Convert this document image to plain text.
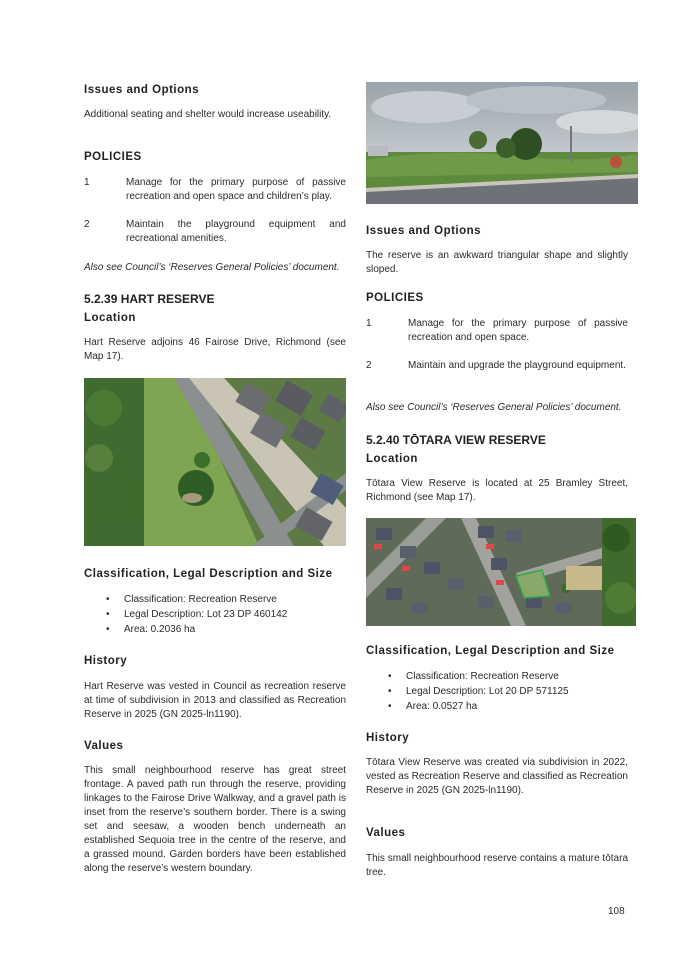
Issues and Options

Additional seating and shelter would increase useability.

POLICIES
1	Manage for the primary purpose of passive recreation and open space and children’s play.
2	Maintain the playground equipment and recreational amenities.

Also see Council’s ‘Reserves General Policies’ document.

5.2.39 HART RESERVE
Location

Hart Reserve adjoins 46 Fairose Drive, Richmond (see Map 17).

Classification, Legal Description and Size
• Classification: Recreation Reserve
• Legal Description: Lot 23 DP 460142
• Area: 0.2036 ha
History

Hart Reserve was vested in Council as recreation reserve at time of subdivision in 2013 and classified as Recreation Reserve in 2025 (GN 2025-ln1190).

Values

This small neighbourhood reserve has great street frontage. A paved path run through the reserve, providing linkages to the Fairose Drive Walkway, and a gravel path is inset from the reserve’s southern border. There is a swing set and seesaw, a wooden bench underneath an established Sequoia tree in the centre of the reserve, and a grassed mound. Garden borders have been established along the reserve’s western boundary.

Issues and Options

The reserve is an awkward triangular shape and slightly sloped.

POLICIES
1	Manage for the primary purpose of passive recreation and open space.
2	Maintain and upgrade the playground equipment.

Also see Council’s ‘Reserves General Policies’ document.

5.2.40 TŌTARA VIEW RESERVE
Location

Tōtara View Reserve is located at 25 Bramley Street, Richmond (see Map 17).

Classification, Legal Description and Size
• Classification: Recreation Reserve
• Legal Description: Lot 20 DP 571125
• Area: 0.0527 ha
History

Tōtara View Reserve was created via subdivision in 2022, vested as Recreation Reserve and classified as Recreation Reserve in 2025 (GN 2025-ln1190).

Values

This small neighbourhood reserve contains a mature tōtara tree.

108
